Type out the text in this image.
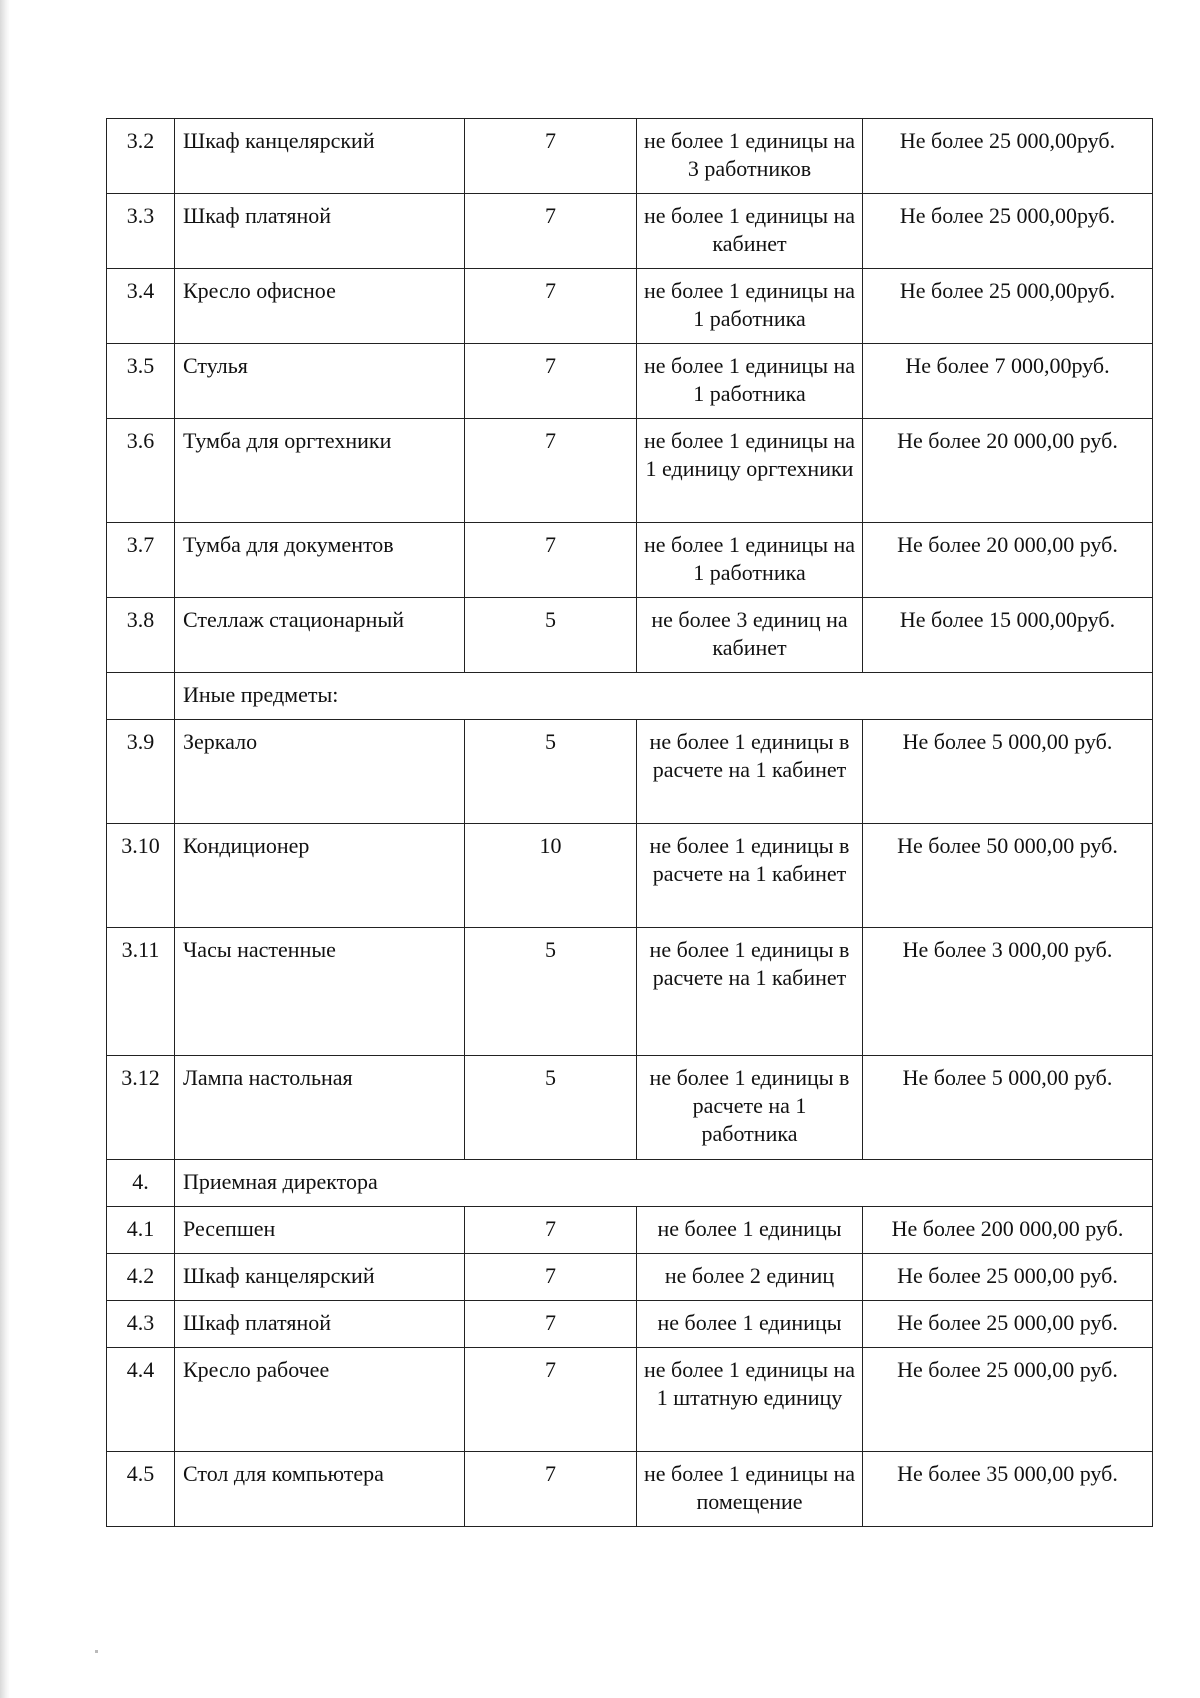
3.2	Шкаф канцелярский	7	не более 1 единицы на 3 работников	Не более 25 000,00руб.
3.3	Шкаф платяной	7	не более 1 единицы на кабинет	Не более 25 000,00руб.
3.4	Кресло офисное	7	не более 1 единицы на 1 работника	Не более 25 000,00руб.
3.5	Стулья	7	не более 1 единицы на 1 работника	Не более 7 000,00руб.
3.6	Тумба для оргтехники	7	не более 1 единицы на 1 единицу оргтехники	Не более 20 000,00 руб.
3.7	Тумба для документов	7	не более 1 единицы на 1 работника	Не более 20 000,00 руб.
3.8	Стеллаж стационарный	5	не более 3 единиц на кабинет	Не более 15 000,00руб.
	Иные предметы:			
3.9	Зеркало	5	не более 1 единицы в расчете на 1 кабинет	Не более 5 000,00 руб.
3.10	Кондиционер	10	не более 1 единицы в расчете на 1 кабинет	Не более 50 000,00 руб.
3.11	Часы настенные	5	не более 1 единицы в расчете на 1 кабинет	Не более 3 000,00 руб.
3.12	Лампа настольная	5	не более 1 единицы в расчете на 1 работника	Не более 5 000,00 руб.
4.	Приемная директора			
4.1	Ресепшен	7	не более 1 единицы	Не более 200 000,00 руб.
4.2	Шкаф канцелярский	7	не более 2 единиц	Не более 25 000,00 руб.
4.3	Шкаф платяной	7	не более 1 единицы	Не более 25 000,00 руб.
4.4	Кресло рабочее	7	не более 1 единицы на 1 штатную единицу	Не более 25 000,00 руб.
4.5	Стол для компьютера	7	не более 1 единицы на помещение	Не более 35 000,00 руб.
